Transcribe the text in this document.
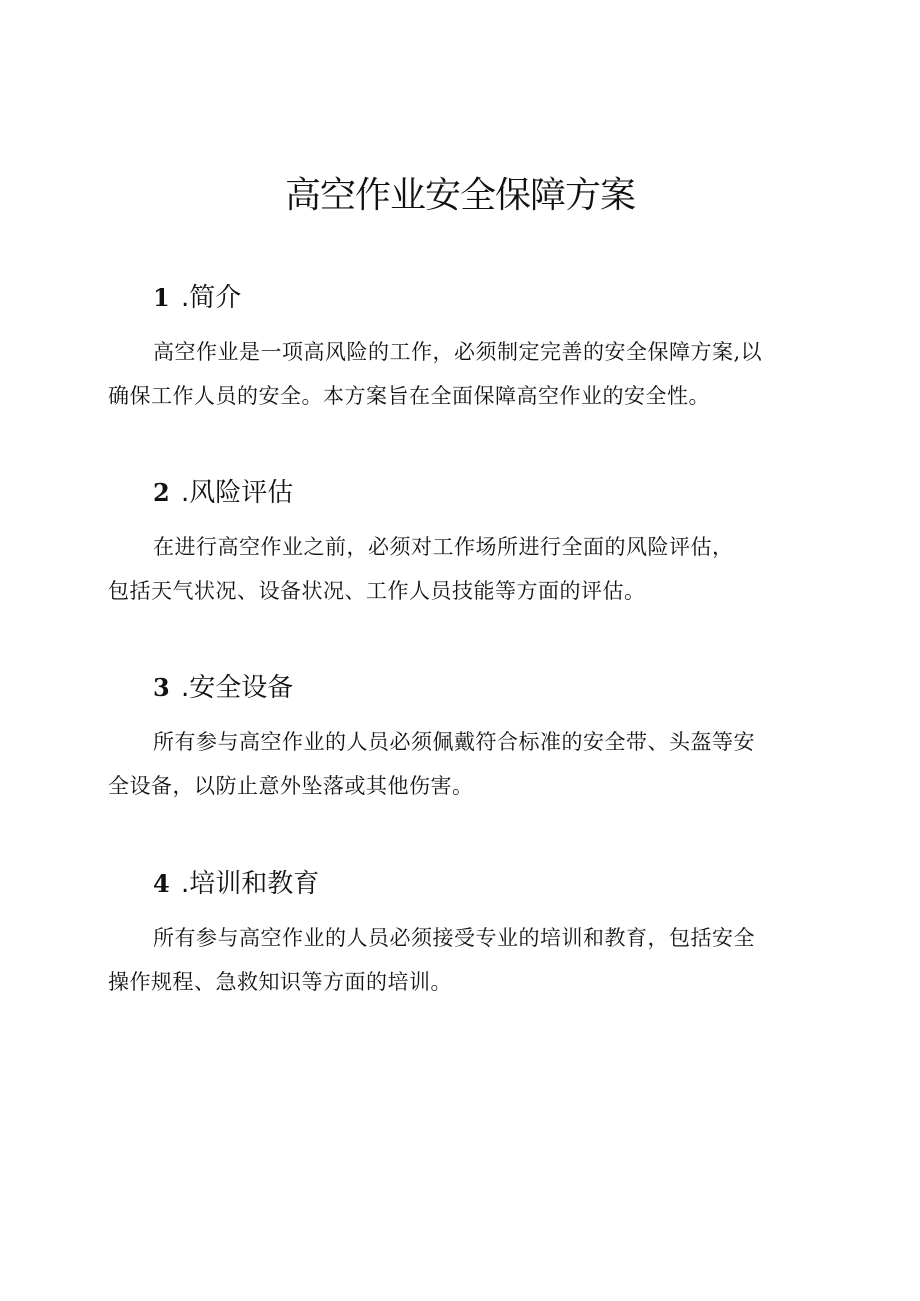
高空作业安全保障方案
1 .简介

高空作业是一项高风险的工作，必须制定完善的安全保障方案,以
确保工作人员的安全。本方案旨在全面保障高空作业的安全性。

2 .风险评估

在进行高空作业之前，必须对工作场所进行全面的风险评估，
包括天气状况、设备状况、工作人员技能等方面的评估。

3 .安全设备

所有参与高空作业的人员必须佩戴符合标准的安全带、头盔等安
全设备，以防止意外坠落或其他伤害。

4 .培训和教育

所有参与高空作业的人员必须接受专业的培训和教育，包括安全
操作规程、急救知识等方面的培训。
